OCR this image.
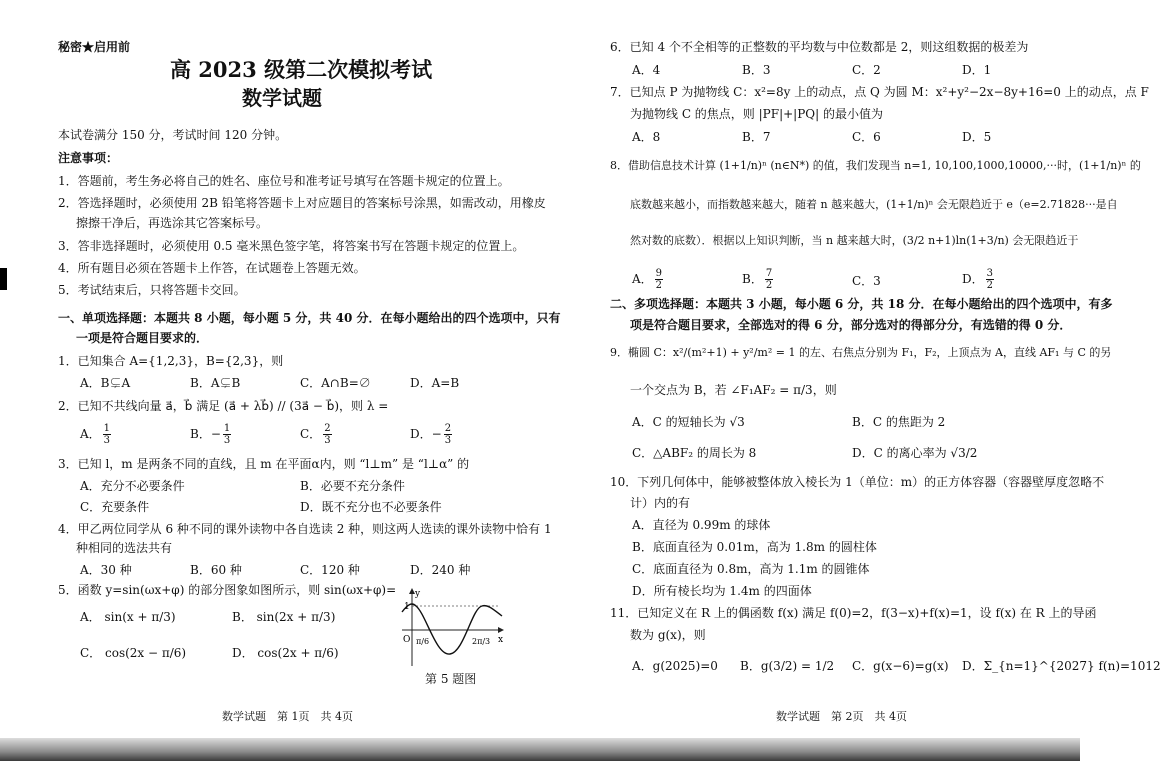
秘密★启用前
高 2023 级第二次模拟考试
数学试题
本试卷满分 150 分，考试时间 120 分钟。
注意事项：
1．答题前，考生务必将自己的姓名、座位号和准考证号填写在答题卡规定的位置上。
2．答选择题时，必须使用 2B 铅笔将答题卡上对应题目的答案标号涂黑，如需改动，用橡皮
擦擦干净后，再选涂其它答案标号。
3．答非选择题时，必须使用 0.5 毫米黑色签字笔，将答案书写在答题卡规定的位置上。
4．所有题目必须在答题卡上作答，在试题卷上答题无效。
5．考试结束后，只将答题卡交回。
一、单项选择题：本题共 8 小题，每小题 5 分，共 40 分．在每小题给出的四个选项中，只有
一项是符合题目要求的．
1．已知集合 A={1,2,3}，B={2,3}，则
A．B⊊A	B．A⊊B	C．A∩B=∅	D．A=B
2．已知不共线向量 a⃗，b⃗ 满足 (a⃗ + λb⃗) // (3a⃗ − b⃗)，则 λ =
A． $\frac{1}{3}$	B．− $\frac{1}{3}$	C． $\frac{2}{3}$	D．− $\frac{2}{3}$
3．已知 l，m 是两条不同的直线，且 m 在平面α内，则 “l⊥m” 是 “l⊥α” 的
A．充分不必要条件	B．必要不充分条件
C．充要条件	D．既不充分也不必要条件
4．甲乙两位同学从 6 种不同的课外读物中各自选读 2 种，则这两人选读的课外读物中恰有 1
种相同的选法共有
A．30 种	B．60 种	C．120 种	D．240 种
5．函数 y=sin(ωx+φ) 的部分图象如图所示，则 sin(ωx+φ)=
A． sin(x + π/3)	B． sin(2x + π/3)
C． cos(2x − π/6)	D． cos(2x + π/6)
y
x
1
O π/6	2π/3
第 5 题图
数学试题　第 1页　共 4页
6．已知 4 个不全相等的正整数的平均数与中位数都是 2，则这组数据的极差为
A．4	B．3	C．2	D．1
7．已知点 P 为抛物线 C：x²=8y 上的动点，点 Q 为圆 M：x²+y²−2x−8y+16=0 上的动点，点 F
为抛物线 C 的焦点，则 |PF|+|PQ| 的最小值为
A．8	B．7	C．6	D．5
8．借助信息技术计算 (1+1/n)ⁿ (n∈N*) 的值，我们发现当 n=1, 10,100,1000,10000,···时，(1+1/n)ⁿ 的
底数越来越小，而指数越来越大，随着 n 越来越大，(1+1/n)ⁿ 会无限趋近于 e（e=2.71828···是自
然对数的底数）．根据以上知识判断，当 n 越来越大时，(3/2 n+1)ln(1+3/n) 会无限趋近于
A． $\frac{9}{2}$	B． $\frac{7}{2}$	C．3	D． $\frac{3}{2}$
二、多项选择题：本题共 3 小题，每小题 6 分，共 18 分．在每小题给出的四个选项中，有多
项是符合题目要求，全部选对的得 6 分，部分选对的得部分分，有选错的得 0 分．
9．椭圆 C：x²/(m²+1) + y²/m² = 1 的左、右焦点分别为 F₁，F₂，上顶点为 A，直线 AF₁ 与 C 的另
一个交点为 B，若 ∠F₁AF₂ = π/3，则
A．C 的短轴长为 √3	B．C 的焦距为 2
C．△ABF₂ 的周长为 8	D．C 的离心率为 √3/2
10．下列几何体中，能够被整体放入棱长为 1（单位：m）的正方体容器（容器壁厚度忽略不
计）内的有
A．直径为 0.99m 的球体
B．底面直径为 0.01m，高为 1.8m 的圆柱体
C．底面直径为 0.8m，高为 1.1m 的圆锥体
D．所有棱长均为 1.4m 的四面体
11．已知定义在 R 上的偶函数 f(x) 满足 f(0)=2，f(3−x)+f(x)=1，设 f(x) 在 R 上的导函
数为 g(x)，则
A．g(2025)=0 B．g(3/2) = 1/2 C．g(x−6)=g(x) D．Σ_{n=1}^{2027} f(n)=1012
数学试题　第 2页　共 4页
